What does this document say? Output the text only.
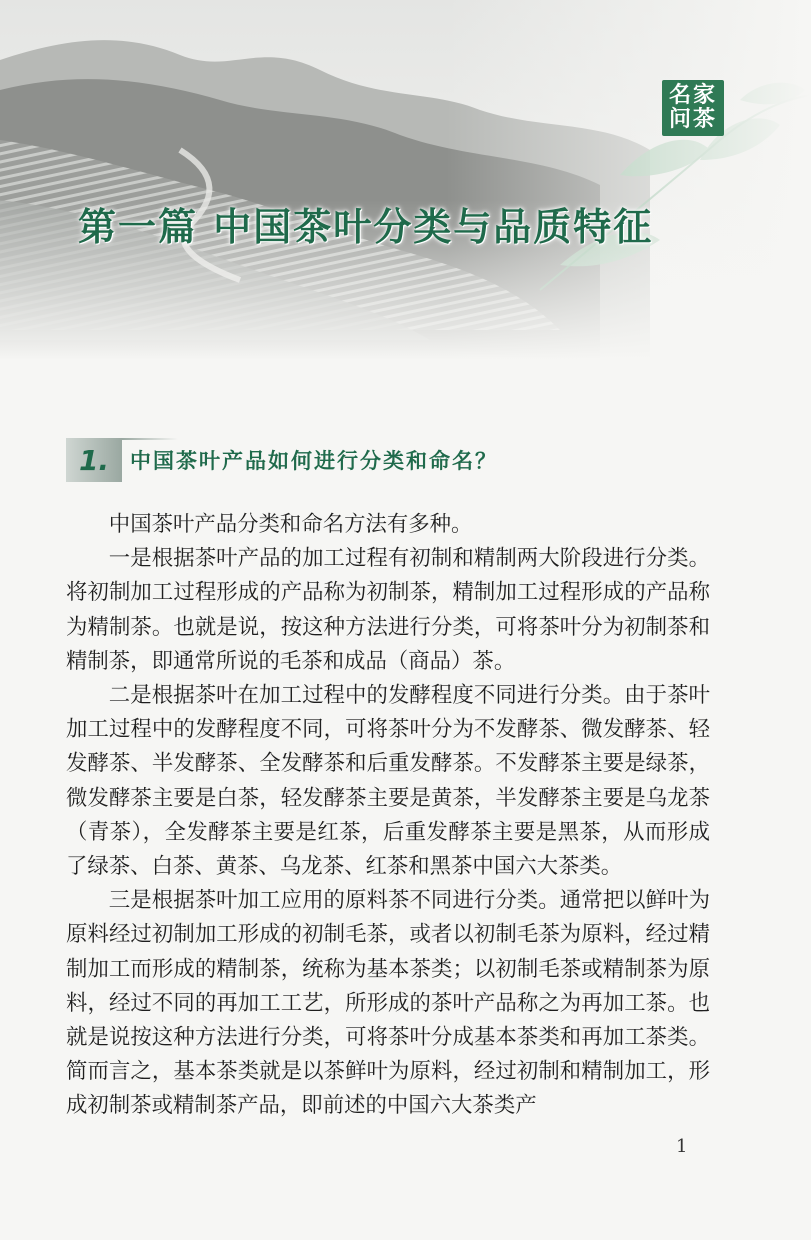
名家
问茶
第一篇 中国茶叶分类与品质特征
1. 中国茶叶产品如何进行分类和命名？

中国茶叶产品分类和命名方法有多种。

一是根据茶叶产品的加工过程有初制和精制两大阶段进行分类。将初制加工过程形成的产品称为初制茶，精制加工过程形成的产品称为精制茶。也就是说，按这种方法进行分类，可将茶叶分为初制茶和精制茶，即通常所说的毛茶和成品（商品）茶。

二是根据茶叶在加工过程中的发酵程度不同进行分类。由于茶叶加工过程中的发酵程度不同，可将茶叶分为不发酵茶、微发酵茶、轻发酵茶、半发酵茶、全发酵茶和后重发酵茶。不发酵茶主要是绿茶，微发酵茶主要是白茶，轻发酵茶主要是黄茶，半发酵茶主要是乌龙茶（青茶），全发酵茶主要是红茶，后重发酵茶主要是黑茶，从而形成了绿茶、白茶、黄茶、乌龙茶、红茶和黑茶中国六大茶类。

三是根据茶叶加工应用的原料茶不同进行分类。通常把以鲜叶为原料经过初制加工形成的初制毛茶，或者以初制毛茶为原料，经过精制加工而形成的精制茶，统称为基本茶类；以初制毛茶或精制茶为原料，经过不同的再加工工艺，所形成的茶叶产品称之为再加工茶。也就是说按这种方法进行分类，可将茶叶分成基本茶类和再加工茶类。简而言之，基本茶类就是以茶鲜叶为原料，经过初制和精制加工，形成初制茶或精制茶产品，即前述的中国六大茶类产

1
